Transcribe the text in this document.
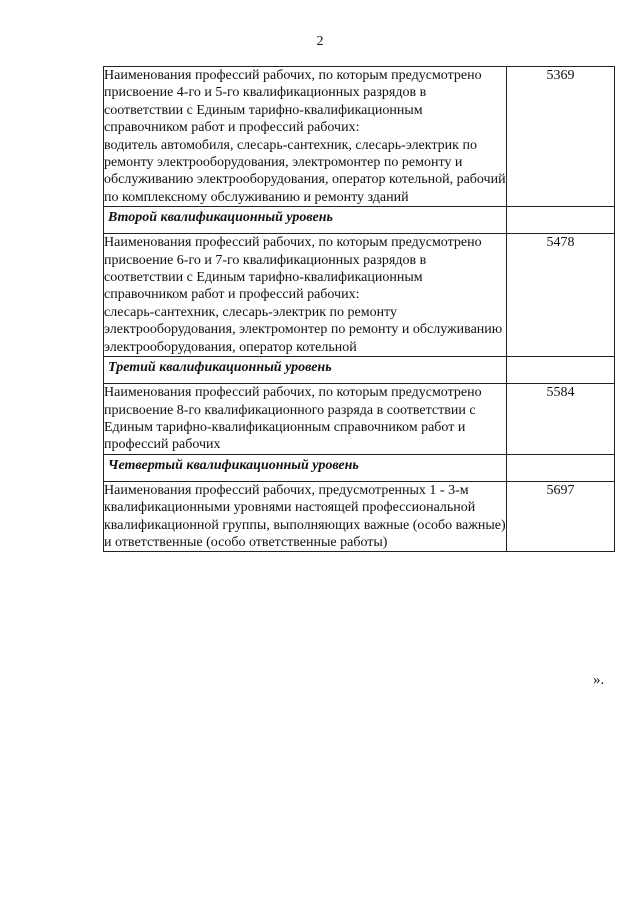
2
Наименования профессий рабочих, по которым предусмотрено присвоение 4-го и 5-го квалификационных разрядов в соответствии с Единым тарифно-квалификационным справочником работ и профессий рабочих:
водитель автомобиля, слесарь-сантехник, слесарь-электрик по ремонту электрооборудования, электромонтер по ремонту и обслуживанию электрооборудования, оператор котельной, рабочий по комплексному обслуживанию и ремонту зданий	5369
Второй квалификационный уровень	

Наименования профессий рабочих, по которым предусмотрено присвоение 6-го и 7-го квалификационных разрядов в соответствии с Единым тарифно-квалификационным справочником работ и профессий рабочих:
слесарь-сантехник, слесарь-электрик по ремонту электрооборудования, электромонтер по ремонту и обслуживанию электрооборудования, оператор котельной	5478
Третий квалификационный уровень	

Наименования профессий рабочих, по которым предусмотрено присвоение 8-го квалификационного разряда в соответствии с Единым тарифно-квалификационным справочником работ и профессий рабочих	5584
Четвертый квалификационный уровень	

Наименования профессий рабочих, предусмотренных 1 - 3-м квалификационными уровнями настоящей профессиональной квалификационной группы, выполняющих важные (особо важные) и ответственные (особо ответственные работы)	5697
».
